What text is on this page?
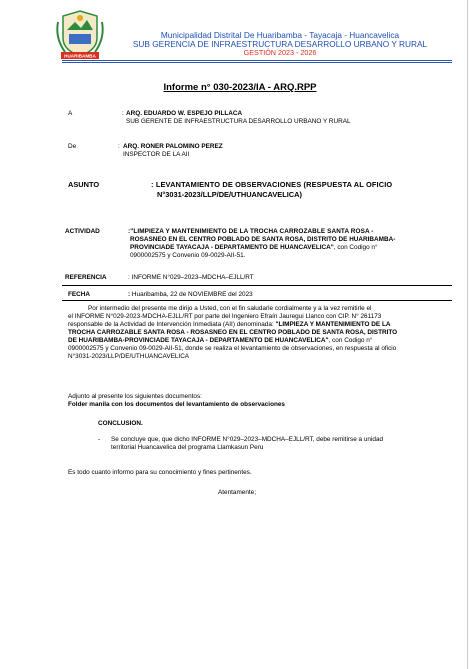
HUARIBAMBA
Municipalidad Distrital De Huaribamba - Tayacaja - Huancavelica
SUB GERENCIA DE INFRAESTRUCTURA DESARROLLO URBANO Y RURAL
GESTIÓN 2023 - 2026
Informe n° 030-2023/IA - ARQ.RPP
A	: ARQ. EDUARDO W. ESPEJO PILLACA
SUB GERENTE DE INFRAESTRUCTURA DESARROLLO URBANO Y RURAL
De	: ARQ. RONER PALOMINO PEREZ
INSPECTOR DE LA AII
ASUNTO	: LEVANTAMIENTO DE OBSERVACIONES (RESPUESTA AL OFICIO
N°3031-2023/LLP/DE/UTHUANCAVELICA)
ACTIVIDAD	:"LIMPIEZA Y MANTENIMIENTO DE LA TROCHA CARROZABLE SANTA ROSA -
ROSASNEO EN EL CENTRO POBLADO DE SANTA ROSA, DISTRITO DE HUARIBAMBA-
PROVINCIADE TAYACAJA - DEPARTAMENTO DE HUANCAVELICA", con Codigo n°
0900002575 y Convenio 09-0029-AII-51.
REFERENCIA	: INFORME N°029–2023–MDCHA–EJLL/RT
FECHA	: Huaribamba, 22 de NOVIEMBRE del 2023
Por intermedio del presente me dirijo a Usted, con el fin saludarle cordialmente y a la vez remitirle el
el INFORME N°029-2023-MDCHA-EJLL/RT por parte del Ingeniero Efraín Jauregui Llanco con CIP. N° 261173
responsable de la Actividad de Intervención Inmediata (AII) denominada: "LIMPIEZA Y MANTENIMIENTO DE LA
TROCHA CARROZABLE SANTA ROSA - ROSASNEO EN EL CENTRO POBLADO DE SANTA ROSA, DISTRITO
DE HUARIBAMBA-PROVINCIADE TAYACAJA - DEPARTAMENTO DE HUANCAVELICA", con Codigo n°
0900002575 y Convenio 09-0029-AII-51, donde se realiza el levantamiento de observaciones, en respuesta al oficio
N°3031-2023/LLP/DE/UTHUANCAVELICA
Adjunto al presente los siguientes documentos:
Folder manila con los documentos del levantamiento de observaciones
CONCLUSION.
- Se concluye que, que dicho INFORME N°029–2023–MDCHA–EJLL/RT, debe remitirse a unidad
territorial Huancavelica del programa Llamkasun Peru
Es todo cuanto informo para su conocimiento y fines pertinentes.
Atentamente;
